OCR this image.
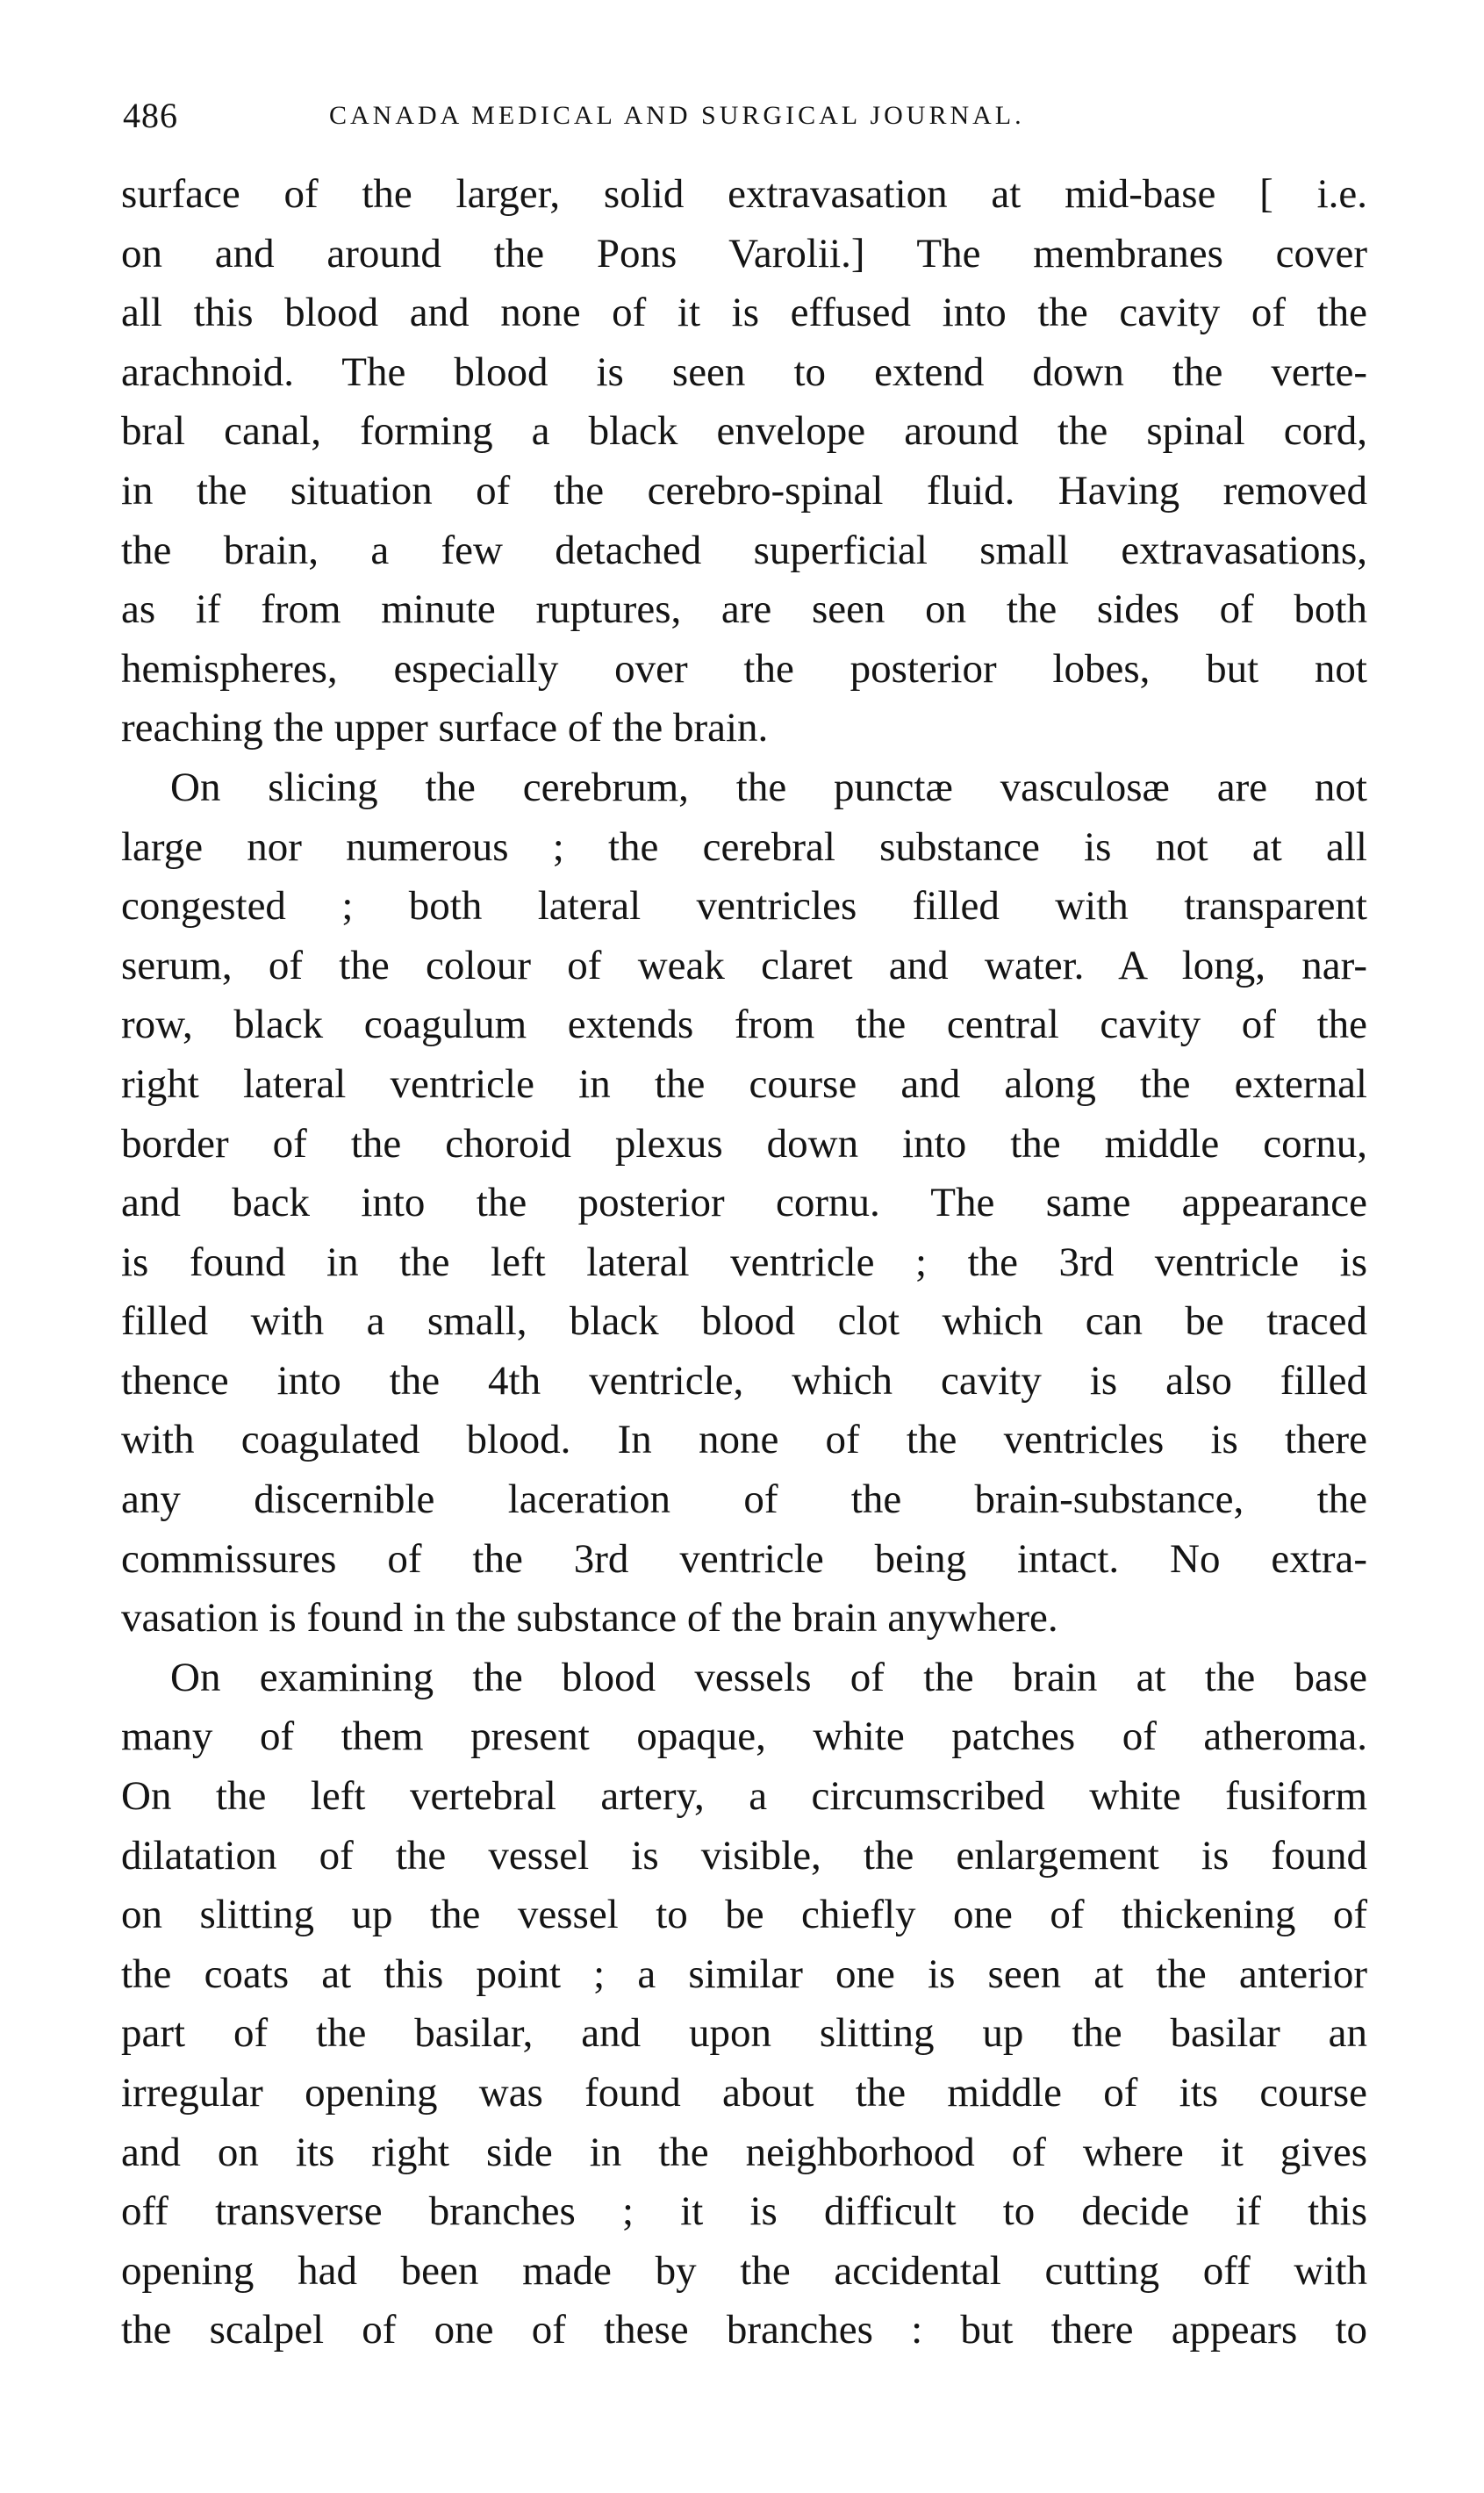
486	CANADA MEDICAL AND SURGICAL JOURNAL.
surface of the larger, solid extravasation at mid-base [ i.e.
on and around the Pons Varolii.] The membranes cover
all this blood and none of it is effused into the cavity of the
arachnoid. The blood is seen to extend down the verte-
bral canal, forming a black envelope around the spinal cord,
in the situation of the cerebro-spinal fluid. Having removed
the brain, a few detached superficial small extravasations,
as if from minute ruptures, are seen on the sides of both
hemispheres, especially over the posterior lobes, but not
reaching the upper surface of the brain.
On slicing the cerebrum, the punctæ vasculosæ are not
large nor numerous ; the cerebral substance is not at all
congested ; both lateral ventricles filled with transparent
serum, of the colour of weak claret and water. A long, nar-
row, black coagulum extends from the central cavity of the
right lateral ventricle in the course and along the external
border of the choroid plexus down into the middle cornu,
and back into the posterior cornu. The same appearance
is found in the left lateral ventricle ; the 3rd ventricle is
filled with a small, black blood clot which can be traced
thence into the 4th ventricle, which cavity is also filled
with coagulated blood. In none of the ventricles is there
any discernible laceration of the brain-substance, the
commissures of the 3rd ventricle being intact. No extra-
vasation is found in the substance of the brain anywhere.
On examining the blood vessels of the brain at the base
many of them present opaque, white patches of atheroma.
On the left vertebral artery, a circumscribed white fusiform
dilatation of the vessel is visible, the enlargement is found
on slitting up the vessel to be chiefly one of thickening of
the coats at this point ; a similar one is seen at the anterior
part of the basilar, and upon slitting up the basilar an
irregular opening was found about the middle of its course
and on its right side in the neighborhood of where it gives
off transverse branches ; it is difficult to decide if this
opening had been made by the accidental cutting off with
the scalpel of one of these branches : but there appears to
